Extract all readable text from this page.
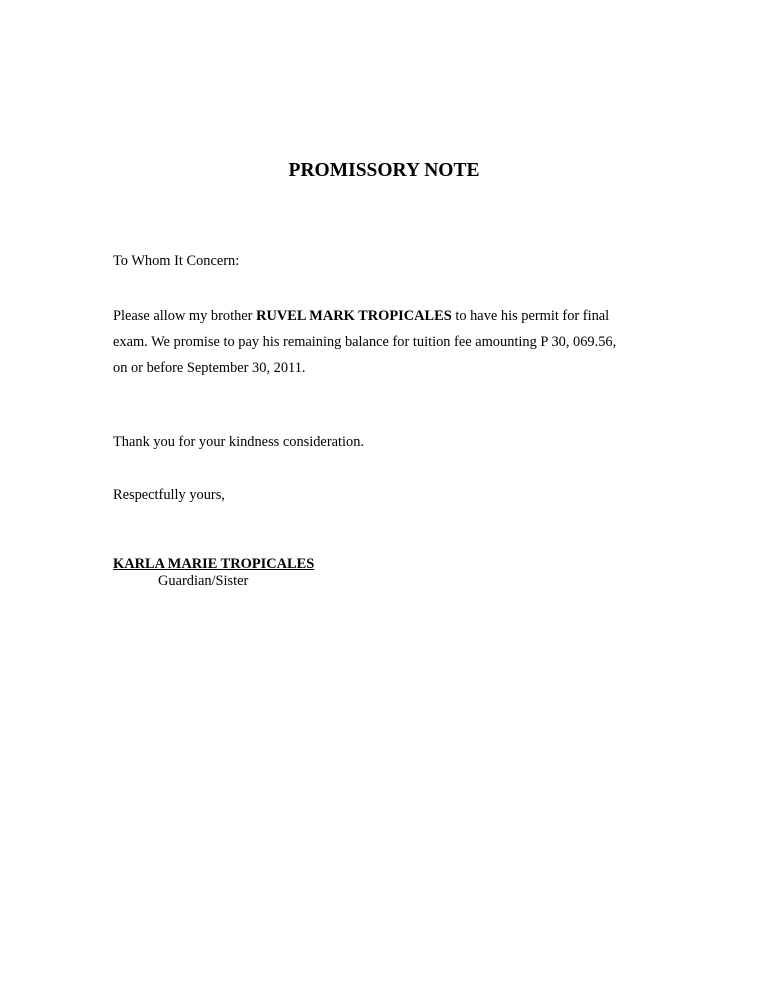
PROMISSORY NOTE

To Whom It Concern:

Please allow my brother RUVEL MARK TROPICALES to have his permit for final
exam. We promise to pay his remaining balance for tuition fee amounting P 30, 069.56,
on or before September 30, 2011.

Thank you for your kindness consideration.

Respectfully yours,

KARLA MARIE TROPICALES

Guardian/Sister
